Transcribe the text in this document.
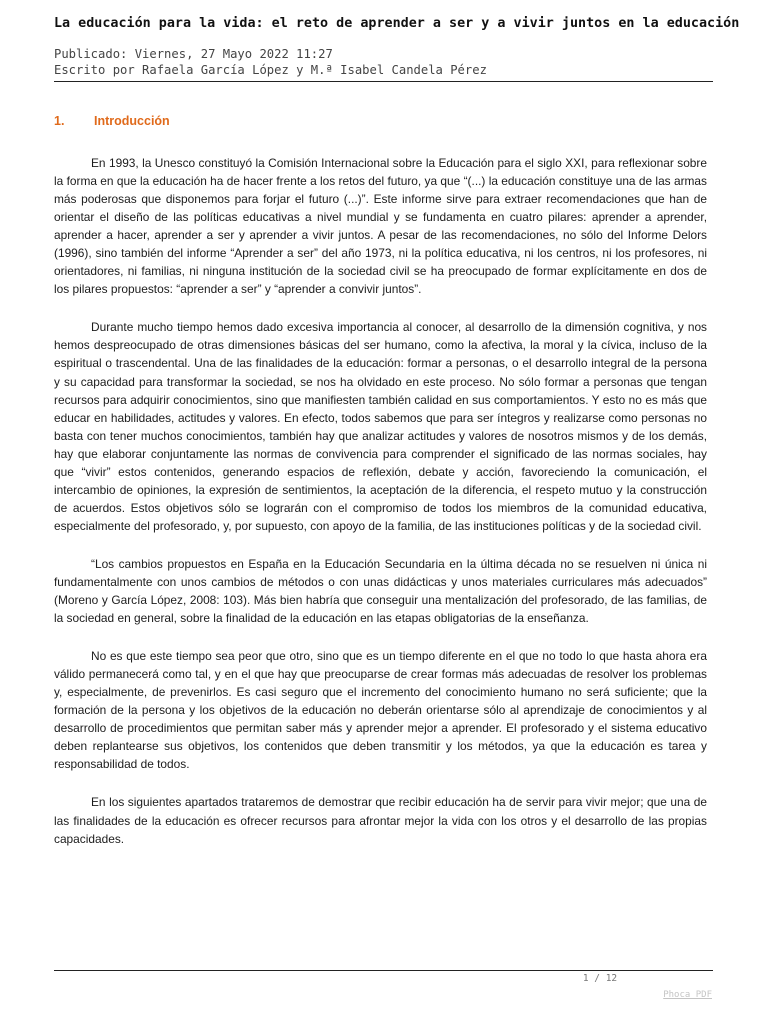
La educación para la vida: el reto de aprender a ser y a vivir juntos en la educación
Publicado: Viernes, 27 Mayo 2022 11:27
Escrito por Rafaela García López y M.ª Isabel Candela Pérez
1. Introducción

En 1993, la Unesco constituyó la Comisión Internacional sobre la Educación para el siglo XXI, para reflexionar sobre la forma en que la educación ha de hacer frente a los retos del futuro, ya que “(...) la educación constituye una de las armas más poderosas que disponemos para forjar el futuro (...)”. Este informe sirve para extraer recomendaciones que han de orientar el diseño de las políticas educativas a nivel mundial y se fundamenta en cuatro pilares: aprender a aprender, aprender a hacer, aprender a ser y aprender a vivir juntos. A pesar de las recomendaciones, no sólo del Informe Delors (1996), sino también del informe “Aprender a ser” del año 1973, ni la política educativa, ni los centros, ni los profesores, ni orientadores, ni familias, ni ninguna institución de la sociedad civil se ha preocupado de formar explícitamente en dos de los pilares propuestos: “aprender a ser” y “aprender a convivir juntos”.

Durante mucho tiempo hemos dado excesiva importancia al conocer, al desarrollo de la dimensión cognitiva, y nos hemos despreocupado de otras dimensiones básicas del ser humano, como la afectiva, la moral y la cívica, incluso de la espiritual o trascendental. Una de las finalidades de la educación: formar a personas, o el desarrollo integral de la persona y su capacidad para transformar la sociedad, se nos ha olvidado en este proceso. No sólo formar a personas que tengan recursos para adquirir conocimientos, sino que manifiesten también calidad en sus comportamientos. Y esto no es más que educar en habilidades, actitudes y valores. En efecto, todos sabemos que para ser íntegros y realizarse como personas no basta con tener muchos conocimientos, también hay que analizar actitudes y valores de nosotros mismos y de los demás, hay que elaborar conjuntamente las normas de convivencia para comprender el significado de las normas sociales, hay que “vivir” estos contenidos, generando espacios de reflexión, debate y acción, favoreciendo la comunicación, el intercambio de opiniones, la expresión de sentimientos, la aceptación de la diferencia, el respeto mutuo y la construcción de acuerdos. Estos objetivos sólo se lograrán con el compromiso de todos los miembros de la comunidad educativa, especialmente del profesorado, y, por supuesto, con apoyo de la familia, de las instituciones políticas y de la sociedad civil.

“Los cambios propuestos en España en la Educación Secundaria en la última década no se resuelven ni única ni fundamentalmente con unos cambios de métodos o con unas didácticas y unos materiales curriculares más adecuados” (Moreno y García López, 2008: 103). Más bien habría que conseguir una mentalización del profesorado, de las familias, de la sociedad en general, sobre la finalidad de la educación en las etapas obligatorias de la enseñanza.

No es que este tiempo sea peor que otro, sino que es un tiempo diferente en el que no todo lo que hasta ahora era válido permanecerá como tal, y en el que hay que preocuparse de crear formas más adecuadas de resolver los problemas y, especialmente, de prevenirlos. Es casi seguro que el incremento del conocimiento humano no será suficiente; que la formación de la persona y los objetivos de la educación no deberán orientarse sólo al aprendizaje de conocimientos y al desarrollo de procedimientos que permitan saber más y aprender mejor a aprender. El profesorado y el sistema educativo deben replantearse sus objetivos, los contenidos que deben transmitir y los métodos, ya que la educación es tarea y responsabilidad de todos.

En los siguientes apartados trataremos de demostrar que recibir educación ha de servir para vivir mejor; que una de las finalidades de la educación es ofrecer recursos para afrontar mejor la vida con los otros y el desarrollo de las propias capacidades.

1 / 12
Phoca PDF
